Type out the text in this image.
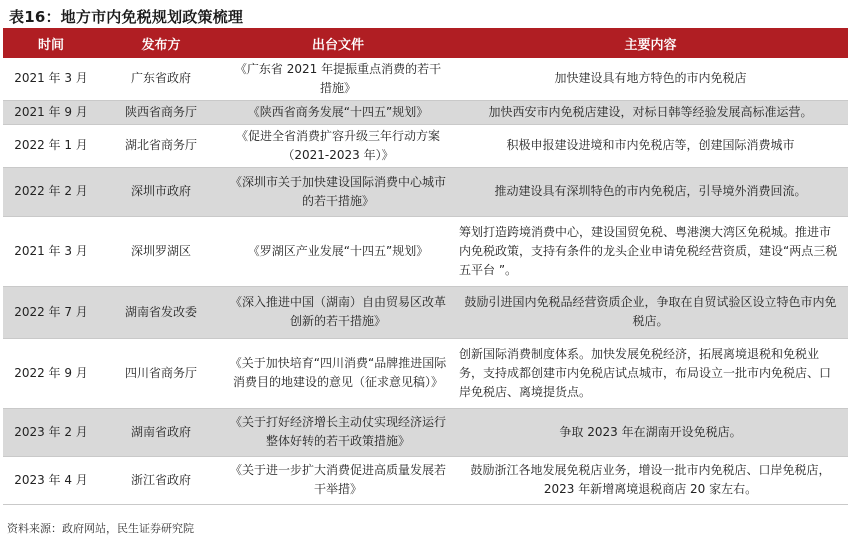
表16：地方市内免税规划政策梳理
时间	发布方	出台文件	主要内容
2021 年 3 月	广东省政府	《广东省 2021 年提振重点消费的若干措施》	加快建设具有地方特色的市内免税店
2021 年 9 月	陕西省商务厅	《陕西省商务发展“十四五”规划》	加快西安市内免税店建设，对标日韩等经验发展高标准运营。
2022 年 1 月	湖北省商务厅	《促进全省消费扩容升级三年行动方案（2021-2023 年）》	积极申报建设进境和市内免税店等，创建国际消费城市
2022 年 2 月	深圳市政府	《深圳市关于加快建设国际消费中心城市的若干措施》	推动建设具有深圳特色的市内免税店，引导境外消费回流。
2021 年 3 月	深圳罗湖区	《罗湖区产业发展“十四五”规划》	筹划打造跨境消费中心，建设国贸免税、粤港澳大湾区免税城。推进市内免税政策，支持有条件的龙头企业申请免税经营资质，建设“两点三税五平台 ”。
2022 年 7 月	湖南省发改委	《深入推进中国（湖南）自由贸易区改革创新的若干措施》	鼓励引进国内免税品经营资质企业，争取在自贸试验区设立特色市内免税店。
2022 年 9 月	四川省商务厅	《关于加快培育“四川消费“品牌推进国际消费目的地建设的意见（征求意见稿）》	创新国际消费制度体系。加快发展免税经济，拓展离境退税和免税业务，支持成都创建市内免税店试点城市，布局设立一批市内免税店、口岸免税店、离境提货点。
2023 年 2 月	湖南省政府	《关于打好经济增长主动仗实现经济运行整体好转的若干政策措施》	争取 2023 年在湖南开设免税店。
2023 年 4 月	浙江省政府	《关于进一步扩大消费促进高质量发展若干举措》	鼓励浙江各地发展免税店业务，增设一批市内免税店、口岸免税店，2023 年新增离境退税商店 20 家左右。
资料来源：政府网站，民生证券研究院
